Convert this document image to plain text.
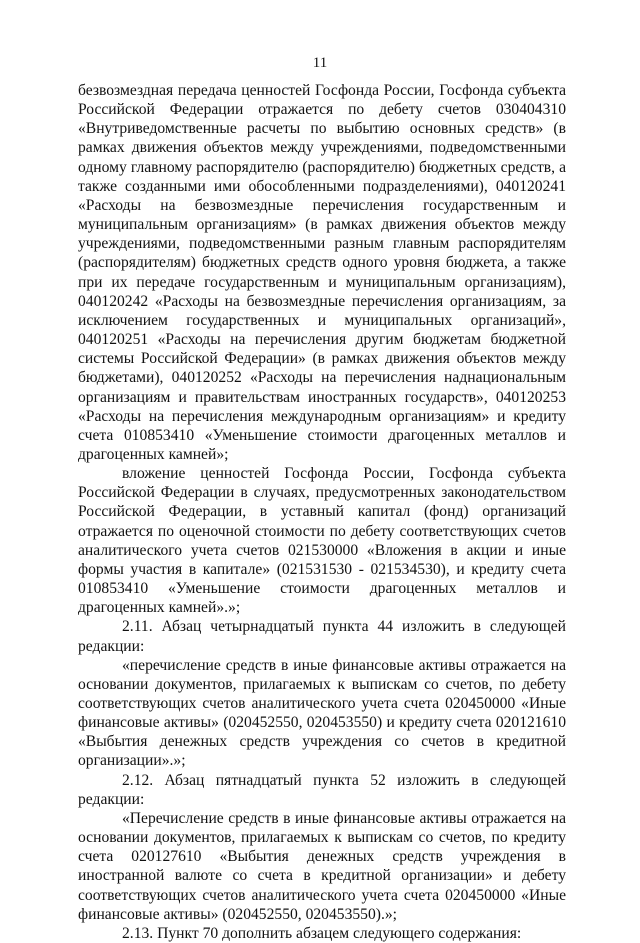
11

безвозмездная передача ценностей Госфонда России, Госфонда субъекта Российской Федерации отражается по дебету счетов 030404310 «Внутриведомственные расчеты по выбытию основных средств» (в рамках движения объектов между учреждениями, подведомственными одному главному распорядителю (распорядителю) бюджетных средств, а также созданными ими обособленными подразделениями), 040120241 «Расходы на безвозмездные перечисления государственным и муниципальным организациям» (в рамках движения объектов между учреждениями, подведомственными разным главным распорядителям (распорядителям) бюджетных средств одного уровня бюджета, а также при их передаче государственным и муниципальным организациям), 040120242 «Расходы на безвозмездные перечисления организациям, за исключением государственных и муниципальных организаций», 040120251 «Расходы на перечисления другим бюджетам бюджетной системы Российской Федерации» (в рамках движения объектов между бюджетами), 040120252 «Расходы на перечисления наднациональным организациям и правительствам иностранных государств», 040120253 «Расходы на перечисления международным организациям» и кредиту счета 010853410 «Уменьшение стоимости драгоценных металлов и драгоценных камней»;

вложение ценностей Госфонда России, Госфонда субъекта Российской Федерации в случаях, предусмотренных законодательством Российской Федерации, в уставный капитал (фонд) организаций отражается по оценочной стоимости по дебету соответствующих счетов аналитического учета счетов 021530000 «Вложения в акции и иные формы участия в капитале» (021531530 - 021534530), и кредиту счета 010853410 «Уменьшение стоимости драгоценных металлов и драгоценных камней».»;

2.11. Абзац четырнадцатый пункта 44 изложить в следующей редакции:

«перечисление средств в иные финансовые активы отражается на основании документов, прилагаемых к выпискам со счетов, по дебету соответствующих счетов аналитического учета счета 020450000 «Иные финансовые активы» (020452550, 020453550) и кредиту счета 020121610 «Выбытия денежных средств учреждения со счетов в кредитной организации».»;

2.12. Абзац пятнадцатый пункта 52 изложить в следующей редакции:

«Перечисление средств в иные финансовые активы отражается на основании документов, прилагаемых к выпискам со счетов, по кредиту счета 020127610 «Выбытия денежных средств учреждения в иностранной валюте со счета в кредитной организации» и дебету соответствующих счетов аналитического учета счета 020450000 «Иные финансовые активы» (020452550, 020453550).»;

2.13. Пункт 70 дополнить абзацем следующего содержания:
